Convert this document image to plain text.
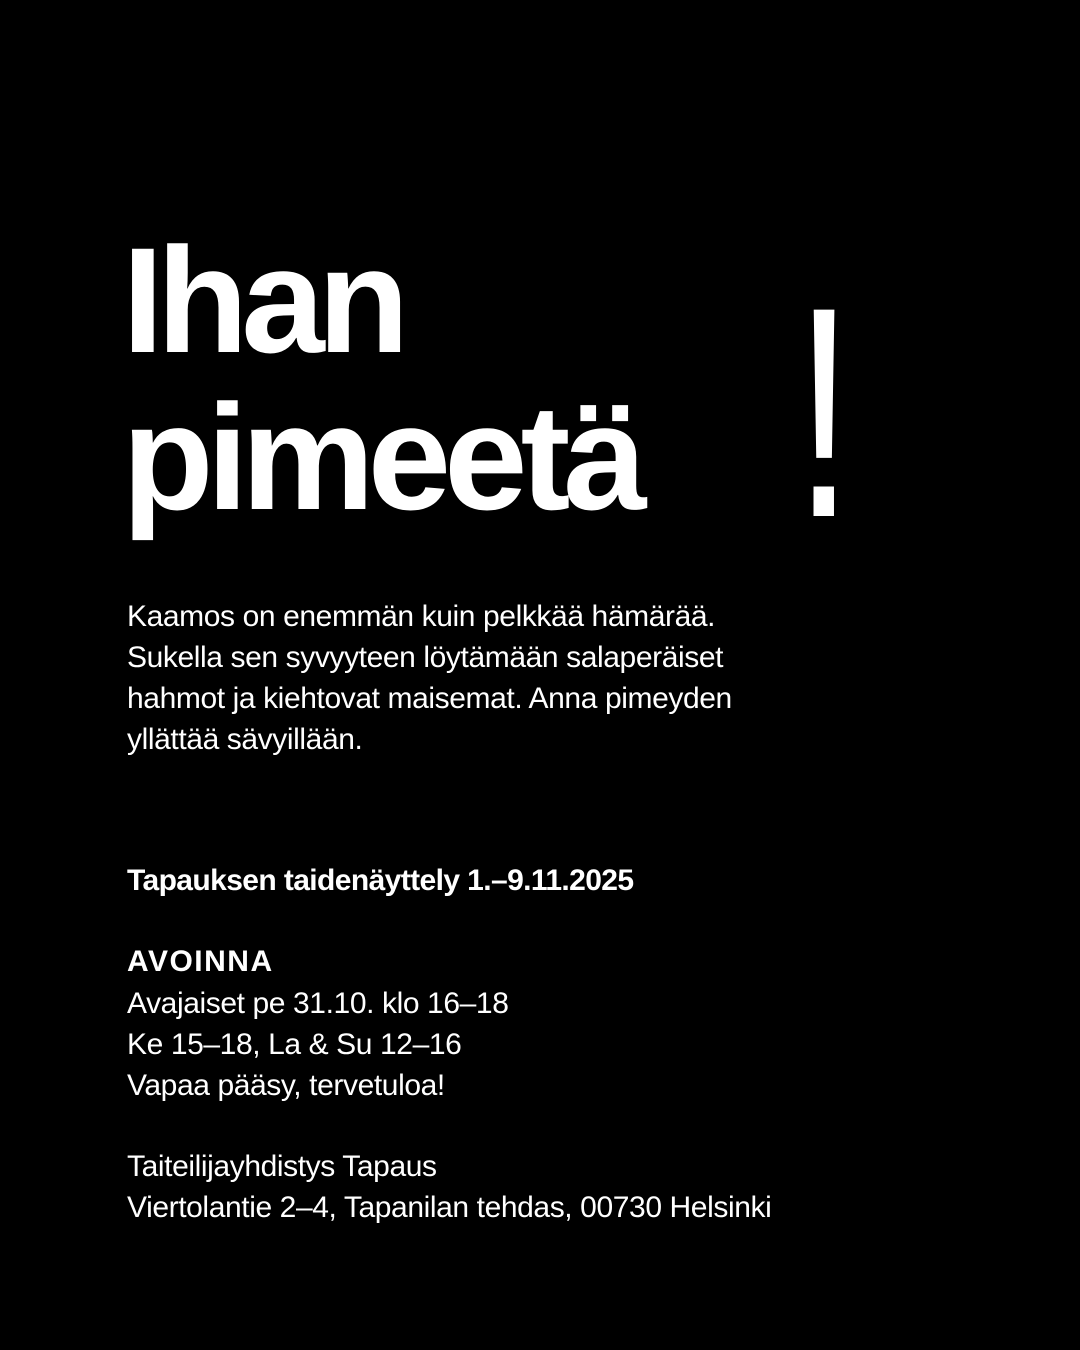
Ihan
pimeetä !

Kaamos on enemmän kuin pelkkää hämärää.
Sukella sen syvyyteen löytämään salaperäiset
hahmot ja kiehtovat maisemat. Anna pimeyden
yllättää sävyillään.

Tapauksen taidenäyttely 1.–9.11.2025

AVOINNA

Avajaiset pe 31.10. klo 16–18
Ke 15–18, La & Su 12–16
Vapaa pääsy, tervetuloa!

Taiteilijayhdistys Tapaus
Viertolantie 2–4, Tapanilan tehdas, 00730 Helsinki
